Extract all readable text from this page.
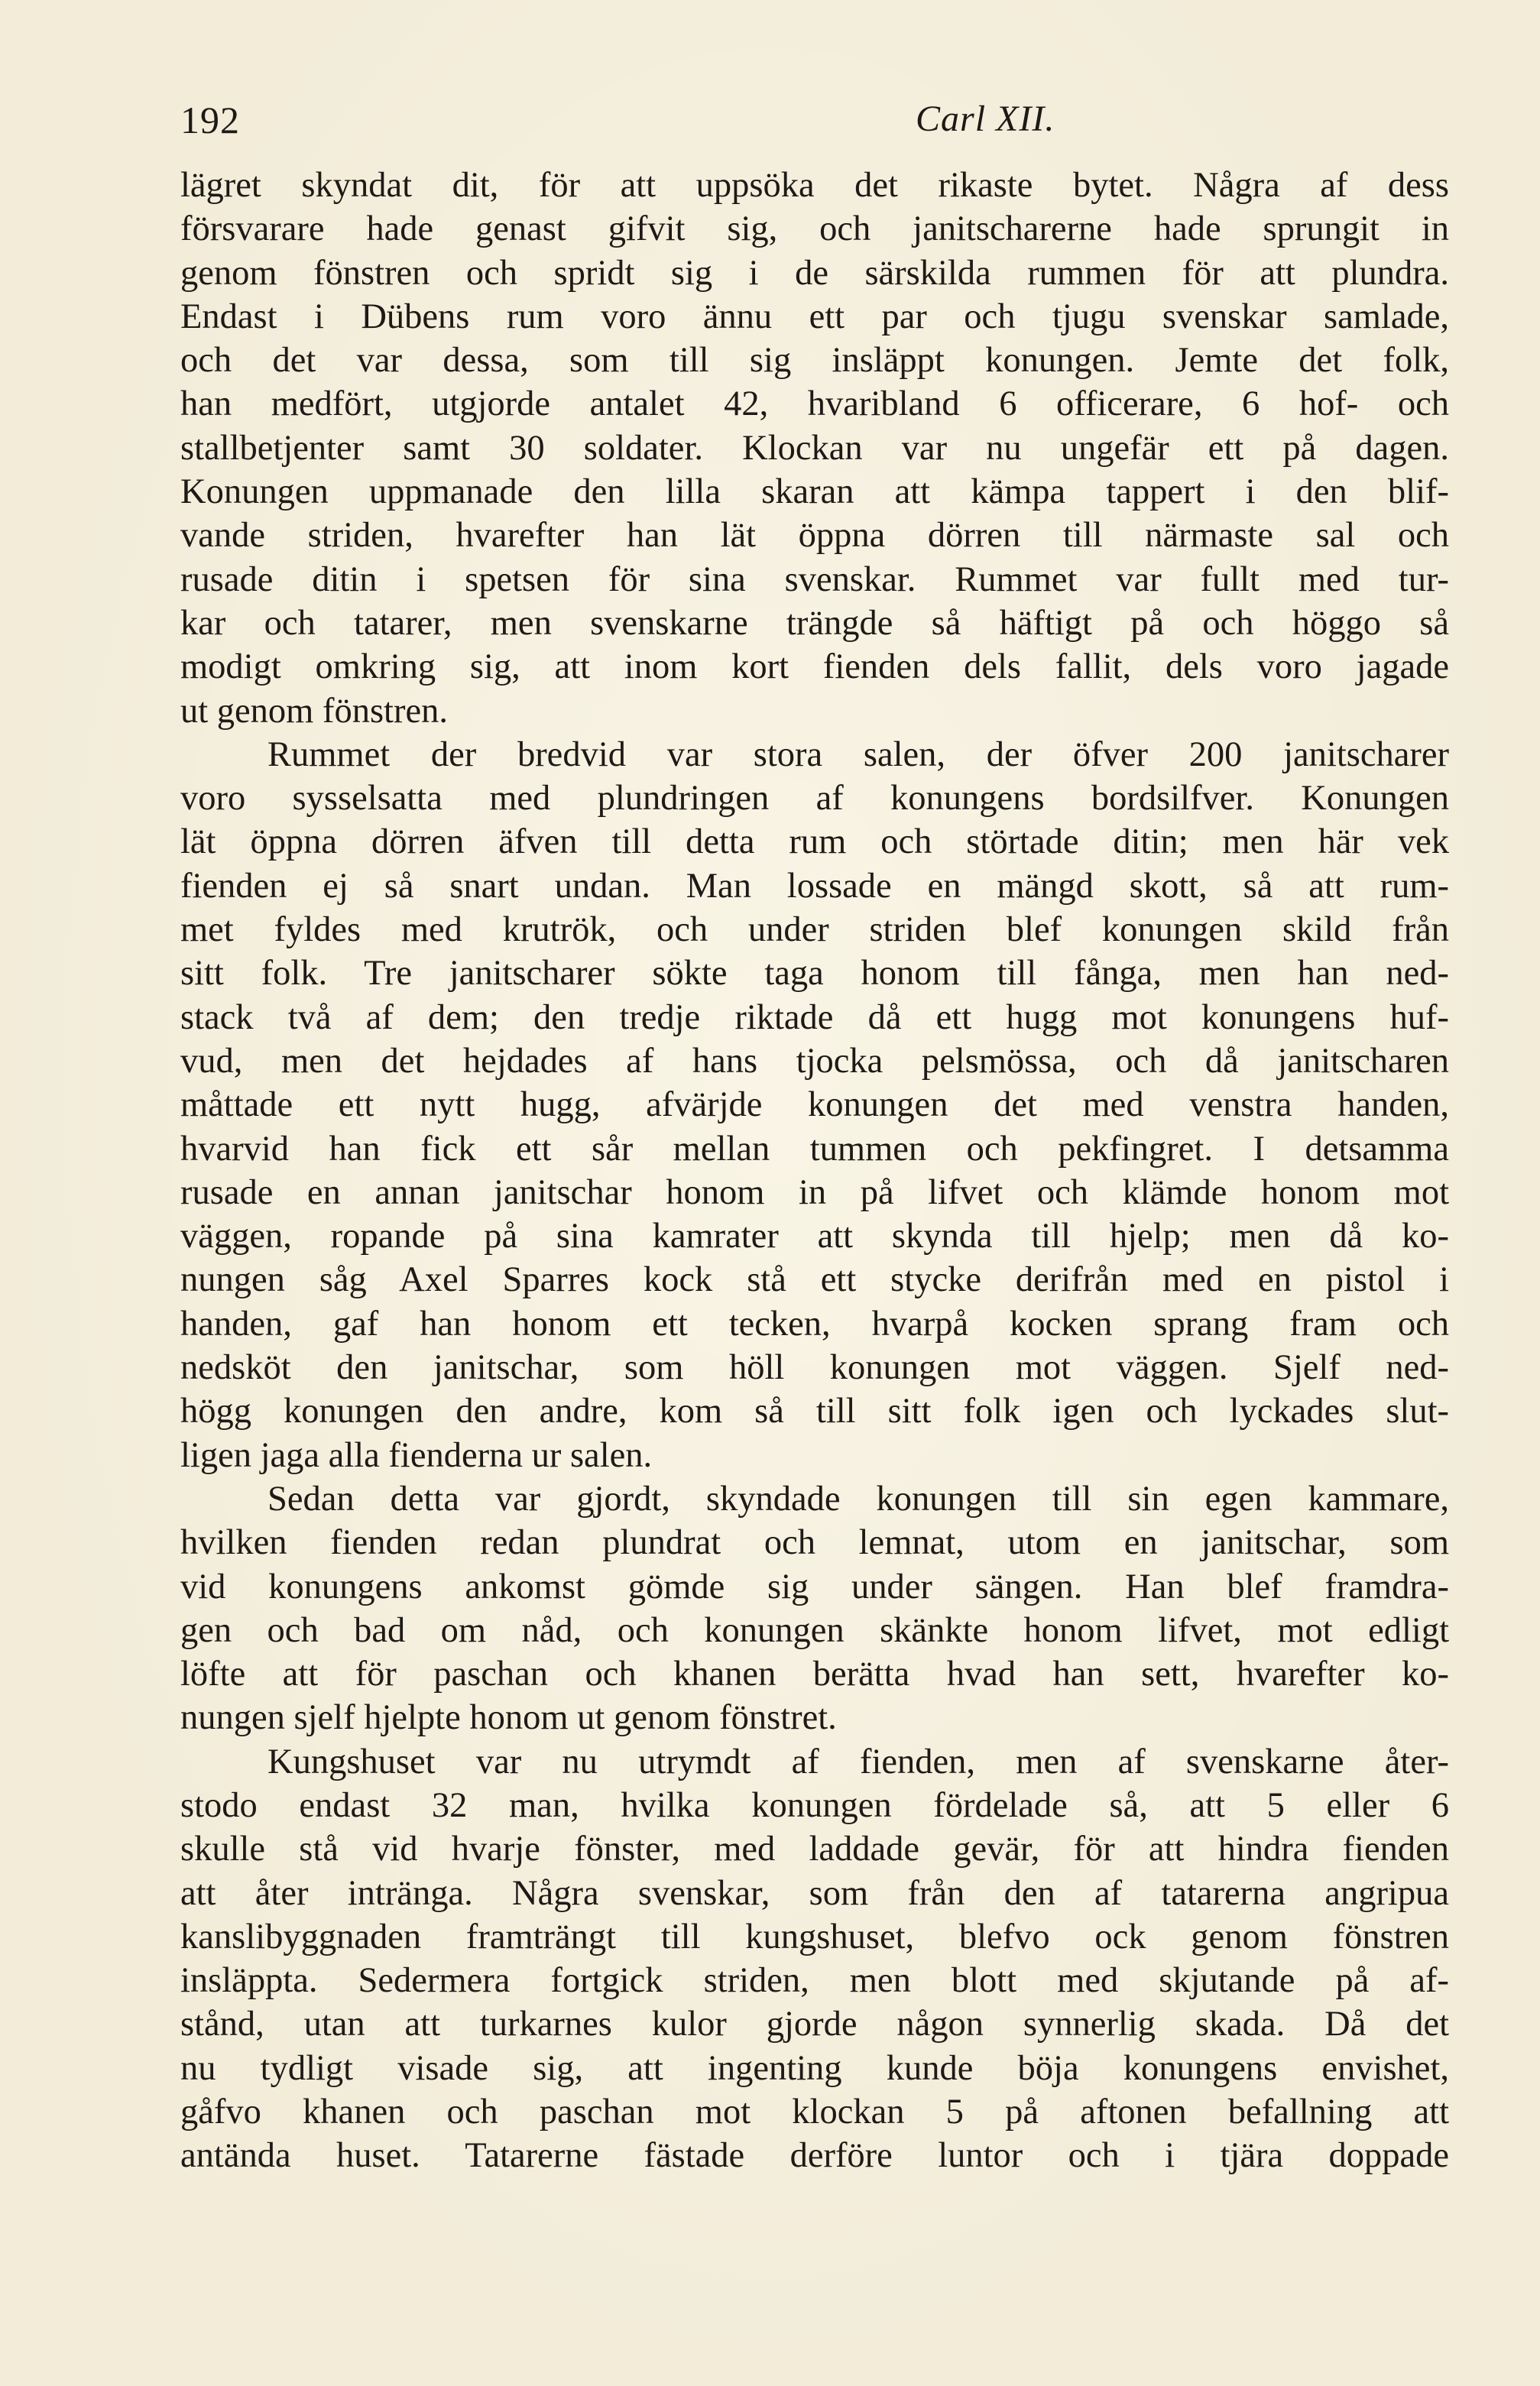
192	Carl XII.
lägret skyndat dit, för att uppsöka det rikaste bytet. Några af dess
försvarare hade genast gifvit sig, och janitscharerne hade sprungit in
genom fönstren och spridt sig i de särskilda rummen för att plundra.
Endast i Dübens rum voro ännu ett par och tjugu svenskar samlade,
och det var dessa, som till sig insläppt konungen. Jemte det folk,
han medfört, utgjorde antalet 42, hvaribland 6 officerare, 6 hof- och
stallbetjenter samt 30 soldater. Klockan var nu ungefär ett på dagen.
Konungen uppmanade den lilla skaran att kämpa tappert i den blif-
vande striden, hvarefter han lät öppna dörren till närmaste sal och
rusade ditin i spetsen för sina svenskar. Rummet var fullt med tur-
kar och tatarer, men svenskarne trängde så häftigt på och höggo så
modigt omkring sig, att inom kort fienden dels fallit, dels voro jagade
ut genom fönstren.
Rummet der bredvid var stora salen, der öfver 200 janitscharer
voro sysselsatta med plundringen af konungens bordsilfver. Konungen
lät öppna dörren äfven till detta rum och störtade ditin; men här vek
fienden ej så snart undan. Man lossade en mängd skott, så att rum-
met fyldes med krutrök, och under striden blef konungen skild från
sitt folk. Tre janitscharer sökte taga honom till fånga, men han ned-
stack två af dem; den tredje riktade då ett hugg mot konungens huf-
vud, men det hejdades af hans tjocka pelsmössa, och då janitscharen
måttade ett nytt hugg, afvärjde konungen det med venstra handen,
hvarvid han fick ett sår mellan tummen och pekfingret. I detsamma
rusade en annan janitschar honom in på lifvet och klämde honom mot
väggen, ropande på sina kamrater att skynda till hjelp; men då ko-
nungen såg Axel Sparres kock stå ett stycke derifrån med en pistol i
handen, gaf han honom ett tecken, hvarpå kocken sprang fram och
nedsköt den janitschar, som höll konungen mot väggen. Sjelf ned-
högg konungen den andre, kom så till sitt folk igen och lyckades slut-
ligen jaga alla fienderna ur salen.
Sedan detta var gjordt, skyndade konungen till sin egen kammare,
hvilken fienden redan plundrat och lemnat, utom en janitschar, som
vid konungens ankomst gömde sig under sängen. Han blef framdra-
gen och bad om nåd, och konungen skänkte honom lifvet, mot edligt
löfte att för paschan och khanen berätta hvad han sett, hvarefter ko-
nungen sjelf hjelpte honom ut genom fönstret.
Kungshuset var nu utrymdt af fienden, men af svenskarne åter-
stodo endast 32 man, hvilka konungen fördelade så, att 5 eller 6
skulle stå vid hvarje fönster, med laddade gevär, för att hindra fienden
att åter inträngа. Några svenskar, som från den af tatarerna angripua
kanslibyggnaden framträngt till kungshuset, blefvo ock genom fönstren
insläppta. Sedermera fortgick striden, men blott med skjutande på af-
stånd, utan att turkarnes kulor gjorde någon synnerlig skada. Då det
nu tydligt visade sig, att ingenting kunde böja konungens envishet,
gåfvo khanen och paschan mot klockan 5 på aftonen befallning att
antända huset. Tatarerne fästade derföre luntor och i tjära doppade
